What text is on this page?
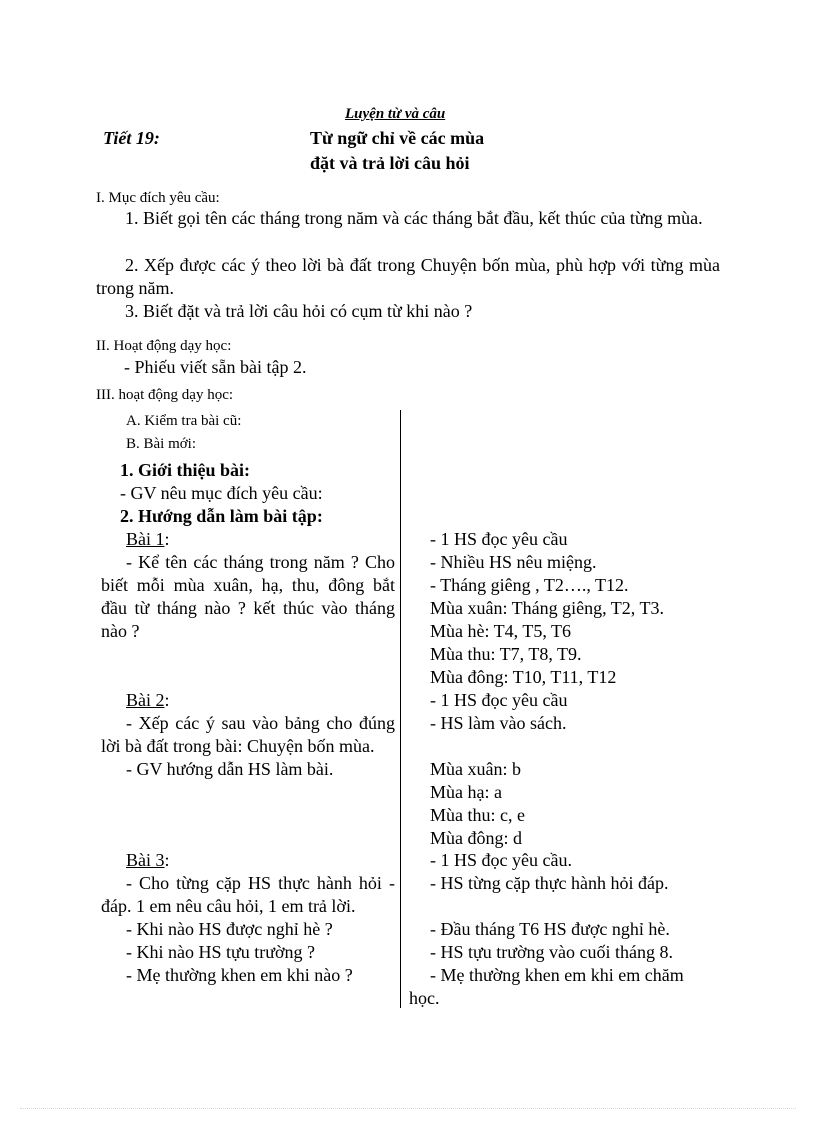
Luyện từ và câu
Tiết 19:	Từ ngữ chỉ về các mùa
đặt và trả lời câu hỏi
I. Mục đích yêu cầu:
1. Biết gọi tên các tháng trong năm và các tháng bắt đầu, kết thúc của từng mùa.
2. Xếp được các ý theo lời bà đất trong Chuyện bốn mùa, phù hợp với từng mùa trong năm.
3. Biết đặt và trả lời câu hỏi có cụm từ khi nào ?
II. Hoạt động dạy học:
- Phiếu viết sẵn bài tập 2.
III. hoạt động dạy học:
A. Kiểm tra bài cũ:
B. Bài mới:
1. Giới thiệu bài:
- GV nêu mục đích yêu cầu:
2. Hướng dẫn làm bài tập:
Bài 1:
- Kể tên các tháng trong năm ? Cho biết mỗi mùa xuân, hạ, thu, đông bắt đầu từ tháng nào ? kết thúc vào tháng nào ?
Bài 2:
- Xếp các ý sau vào bảng cho đúng lời bà đất trong bài: Chuyện bốn mùa.
- GV hướng dẫn HS làm bài.
Bài 3:
- Cho từng cặp HS thực hành hỏi - đáp. 1 em nêu câu hỏi, 1 em trả lời.
- Khi nào HS được nghỉ hè ?
- Khi nào HS tựu trường ?
- Mẹ thường khen em khi nào ?
- 1 HS đọc yêu cầu
- Nhiều HS nêu miệng.
- Tháng giêng , T2…., T12.
Mùa xuân: Tháng giêng, T2, T3.
Mùa hè: T4, T5, T6
Mùa thu: T7, T8, T9.
Mùa đông: T10, T11, T12
- 1 HS đọc yêu cầu
- HS làm vào sách.
Mùa xuân: b
Mùa hạ: a
Mùa thu: c, e
Mùa đông: d
- 1 HS đọc yêu cầu.
- HS từng cặp thực hành hỏi đáp.
- Đầu tháng T6 HS được nghỉ hè.
- HS tựu trường vào cuối tháng 8.
- Mẹ thường khen em khi em chăm
học.
